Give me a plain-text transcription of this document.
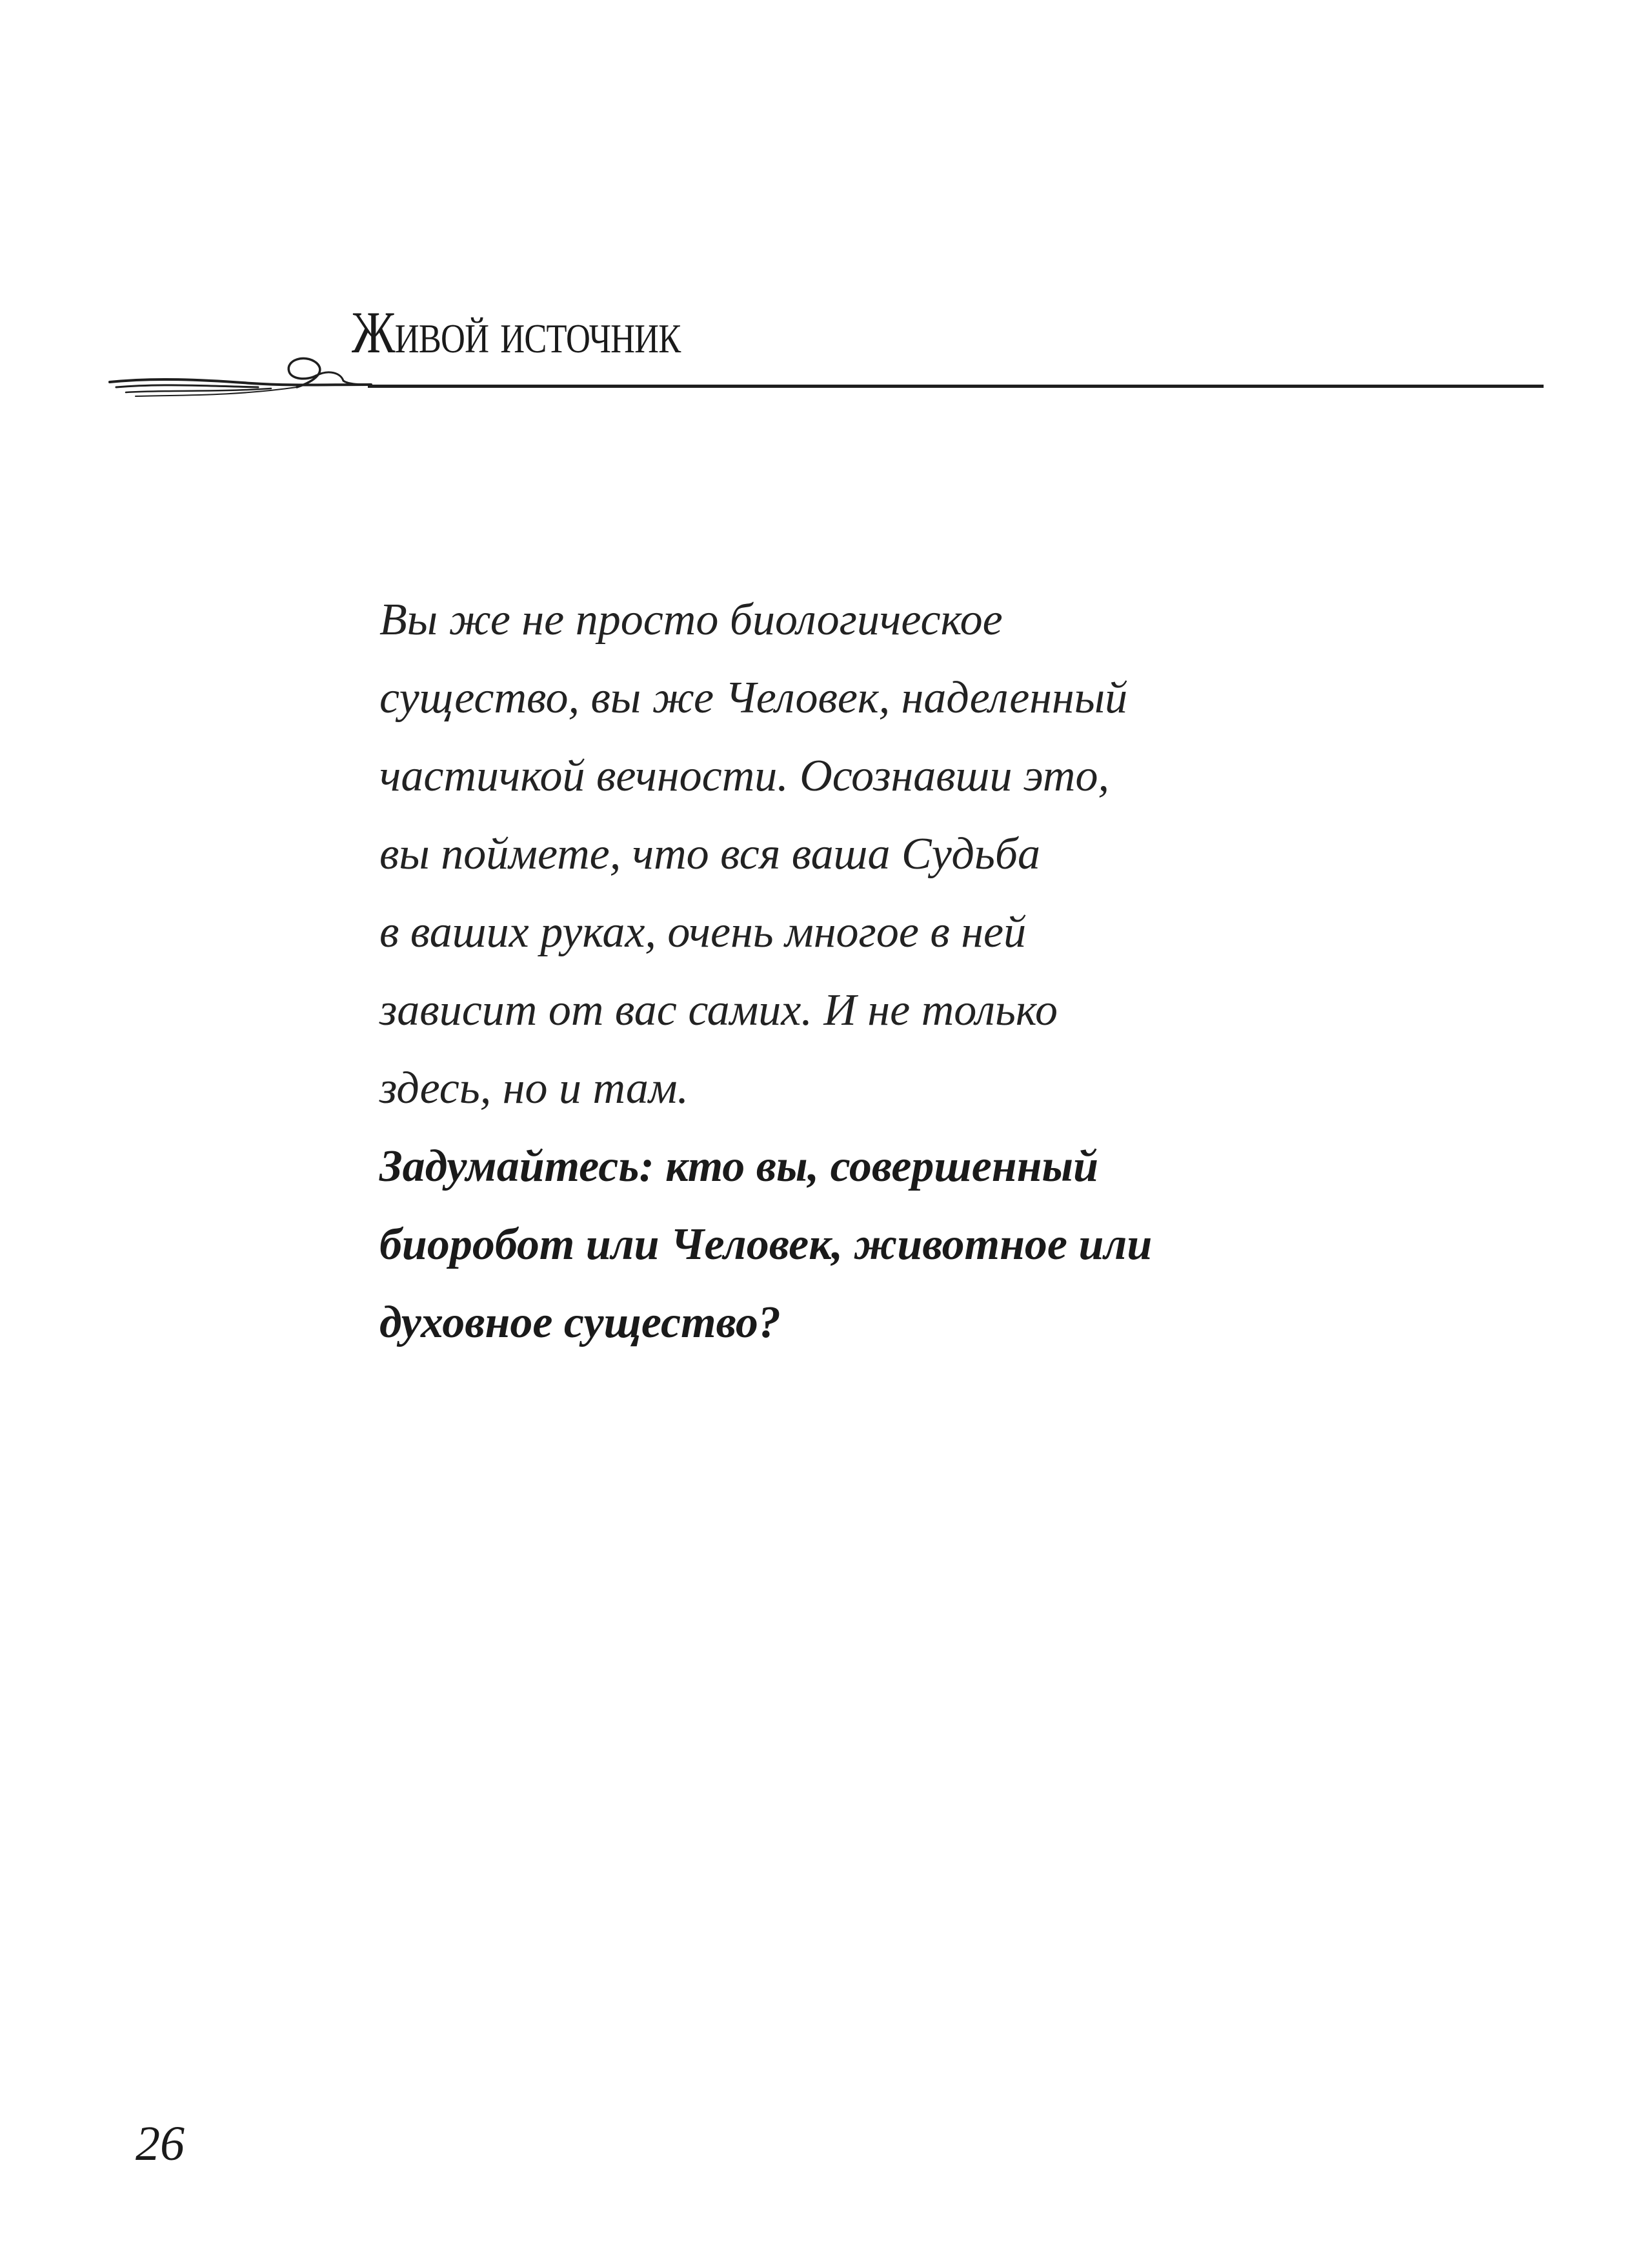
Живой источник
Вы же не просто биологическое
существо, вы же Человек, наделенный
частичкой вечности. Осознавши это,
вы поймете, что вся ваша Судьба
в ваших руках, очень многое в ней
зависит от вас самих. И не только
здесь, но и там.
Задумайтесь: кто вы, совершенный
биоробот или Человек, животное или
духовное существо?
26
